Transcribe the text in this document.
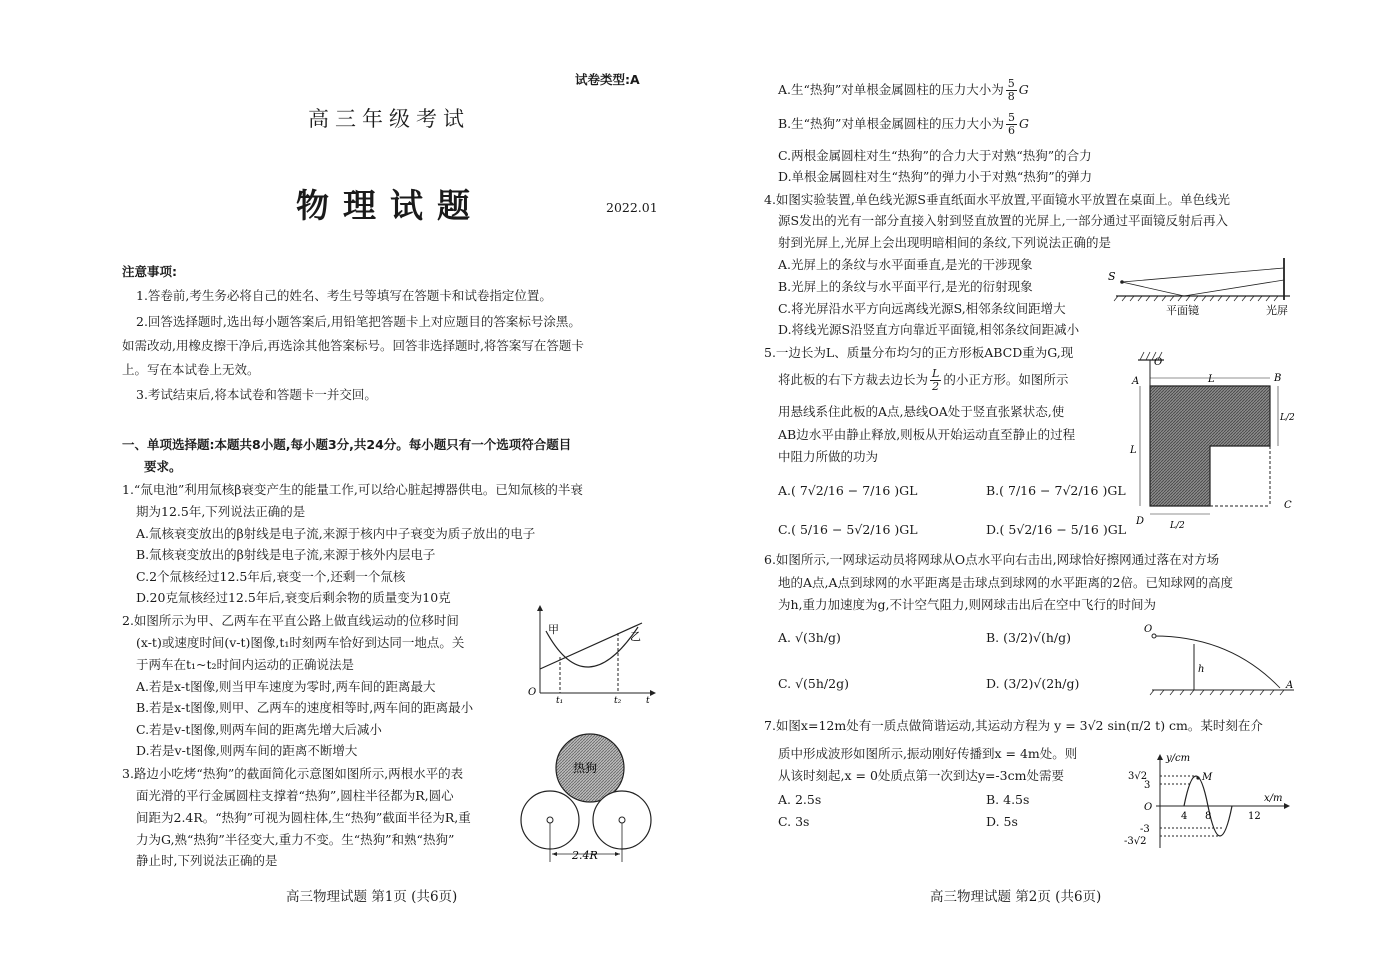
试卷类型:A
高三年级考试
物理试题	2022.01
注意事项:
1.答卷前,考生务必将自己的姓名、考生号等填写在答题卡和试卷指定位置。
2.回答选择题时,选出每小题答案后,用铅笔把答题卡上对应题目的答案标号涂黑。
如需改动,用橡皮擦干净后,再选涂其他答案标号。回答非选择题时,将答案写在答题卡
上。写在本试卷上无效。
3.考试结束后,将本试卷和答题卡一并交回。
一、单项选择题:本题共8小题,每小题3分,共24分。每小题只有一个选项符合题目
要求。
1.“氚电池”利用氚核β衰变产生的能量工作,可以给心脏起搏器供电。已知氚核的半衰
期为12.5年,下列说法正确的是
A.氚核衰变放出的β射线是电子流,来源于核内中子衰变为质子放出的电子
B.氚核衰变放出的β射线是电子流,来源于核外内层电子
C.2个氚核经过12.5年后,衰变一个,还剩一个氚核
D.20克氚核经过12.5年后,衰变后剩余物的质量变为10克
2.如图所示为甲、乙两车在平直公路上做直线运动的位移时间
(x-t)或速度时间(v-t)图像,t₁时刻两车恰好到达同一地点。关
于两车在t₁~t₂时间内运动的正确说法是
A.若是x-t图像,则当甲车速度为零时,两车间的距离最大
B.若是x-t图像,则甲、乙两车的速度相等时,两车间的距离最小
C.若是v-t图像,则两车间的距离先增大后减小
D.若是v-t图像,则两车间的距离不断增大
甲
乙
O
t₁	t₂	t
3.路边小吃烤“热狗”的截面简化示意图如图所示,两根水平的表
面光滑的平行金属圆柱支撑着“热狗”,圆柱半径都为R,圆心
间距为2.4R。“热狗”可视为圆柱体,生“热狗”截面半径为R,重
力为G,熟“热狗”半径变大,重力不变。生“热狗”和熟“热狗”
静止时,下列说法正确的是
热狗
2.4R
高三物理试题 第1页 (共6页)
A.生“热狗”对单根金属圆柱的压力大小为 $\frac{5}{8}$ G
B.生“热狗”对单根金属圆柱的压力大小为 $\frac{5}{6}$ G
C.两根金属圆柱对生“热狗”的合力大于对熟“热狗”的合力
D.单根金属圆柱对生“热狗”的弹力小于对熟“热狗”的弹力
4.如图实验装置,单色线光源S垂直纸面水平放置,平面镜水平放置在桌面上。单色线光
源S发出的光有一部分直接入射到竖直放置的光屏上,一部分通过平面镜反射后再入
射到光屏上,光屏上会出现明暗相间的条纹,下列说法正确的是
A.光屏上的条纹与水平面垂直,是光的干涉现象
B.光屏上的条纹与水平面平行,是光的衍射现象
C.将光屏沿水平方向远离线光源S,相邻条纹间距增大
D.将线光源S沿竖直方向靠近平面镜,相邻条纹间距减小
S
平面镜	光屏
5.一边长为L、质量分布均匀的正方形板ABCD重为G,现
将此板的右下方裁去边长为 $\frac{L}{2}$ 的小正方形。如图所示
用悬线系住此板的A点,悬线OA处于竖直张紧状态,使
AB边水平由静止释放,则板从开始运动直至静止的过程
中阻力所做的功为
A.( 7√2/16 − 7/16 )GL	B.( 7/16 − 7√2/16 )GL
C.( 5/16 − 5√2/16 )GL	D.( 5√2/16 − 5/16 )GL
O
A	B
C
D
L
L
L/2
L/2
6.如图所示,一网球运动员将网球从O点水平向右击出,网球恰好擦网通过落在对方场
地的A点,A点到球网的水平距离是击球点到球网的水平距离的2倍。已知球网的高度
为h,重力加速度为g,不计空气阻力,则网球击出后在空中飞行的时间为
A. √(3h/g)	B. (3/2)√(h/g)
C. √(5h/2g)	D. (3/2)√(2h/g)
O
h
A
7.如图x=12m处有一质点做简谐运动,其运动方程为 y = 3√2 sin(π/2 t) cm。某时刻在介
质中形成波形如图所示,振动刚好传播到x = 4m处。则
从该时刻起,x = 0处质点第一次到达y=-3cm处需要
A. 2.5s	B. 4.5s
C. 3s	D. 5s
y/cm
x/m
3√2
3
O
-3
-3√2
M
4 8	12
高三物理试题 第2页 (共6页)
